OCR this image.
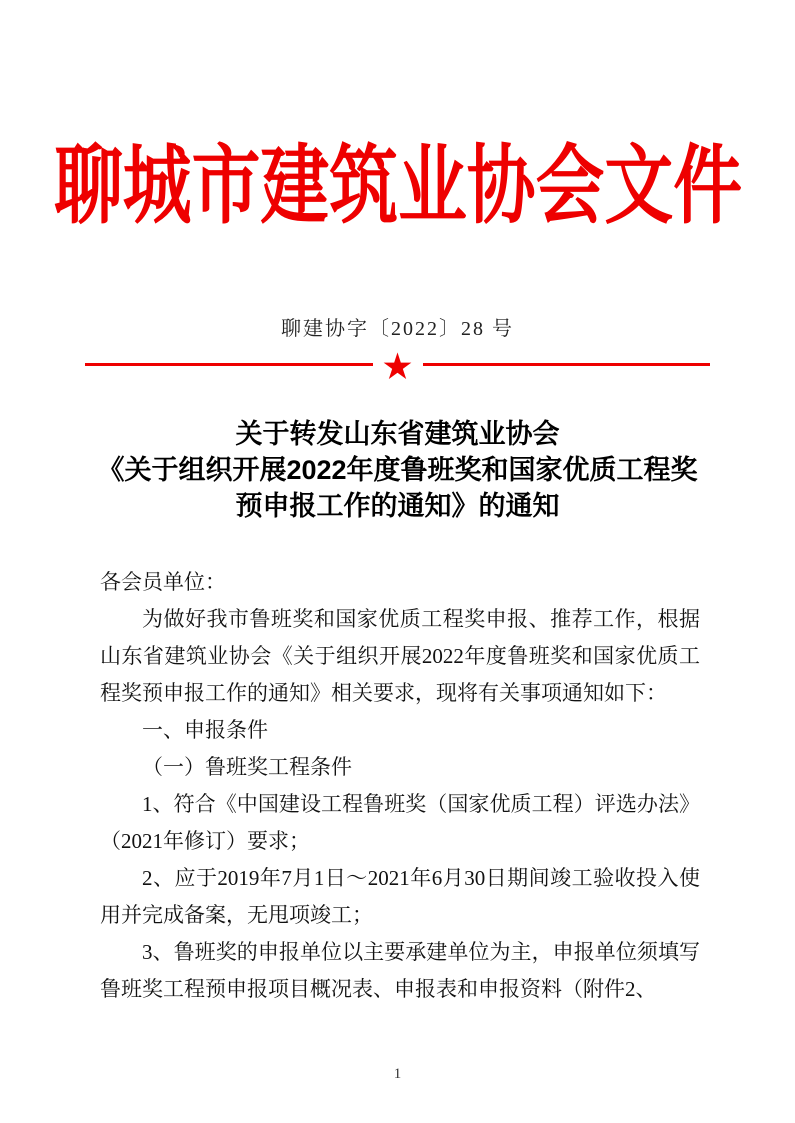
聊城市建筑业协会文件
聊建协字〔2022〕28 号
★
关于转发山东省建筑业协会
《关于组织开展2022年度鲁班奖和国家优质工程奖
预申报工作的通知》的通知

各会员单位：

为做好我市鲁班奖和国家优质工程奖申报、推荐工作，根据山东省建筑业协会《关于组织开展2022年度鲁班奖和国家优质工程奖预申报工作的通知》相关要求，现将有关事项通知如下：

一、申报条件

（一）鲁班奖工程条件

1、符合《中国建设工程鲁班奖（国家优质工程）评选办法》（2021年修订）要求；

2、应于2019年7月1日～2021年6月30日期间竣工验收投入使用并完成备案，无甩项竣工；

3、鲁班奖的申报单位以主要承建单位为主，申报单位须填写鲁班奖工程预申报项目概况表、申报表和申报资料（附件2、

1
